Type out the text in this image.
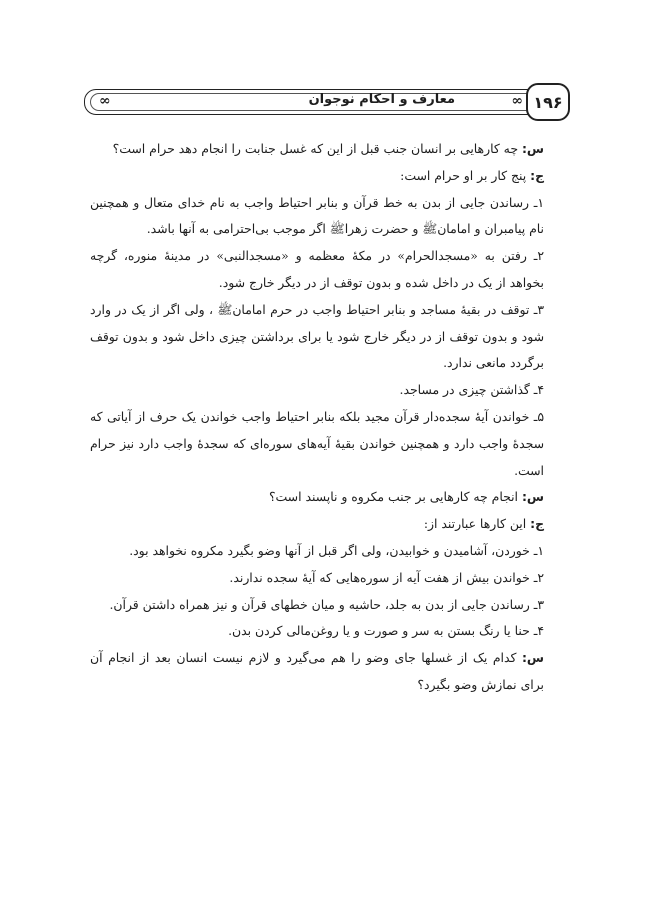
۱۹۶
∞
معارف و احکام نوجوان
∞

س: چه کارهایی بر انسان جنب قبل از این که غسل جنابت را انجام دهد حرام است؟

ج: پنج کار بر او حرام است:

۱ـ رساندن جایی از بدن به خط قرآن و بنابر احتیاط واجب به نام خدای متعال و همچنین نام پیامبران و امامانﷺ و حضرت زهراﷺ اگر موجب بی‌احترامی به آنها باشد.

۲ـ رفتن به «مسجدالحرام» در مکهٔ معظمه و «مسجدالنبی» در مدینهٔ منوره، گرچه بخواهد از یک در داخل شده و بدون توقف از در دیگر خارج شود.

۳ـ توقف در بقیهٔ مساجد و بنابر احتیاط واجب در حرم امامانﷺ ، ولی اگر از یک در وارد شود و بدون توقف از در دیگر خارج شود یا برای برداشتن چیزی داخل شود و بدون توقف برگردد مانعی ندارد.

۴ـ گذاشتن چیزی در مساجد.

۵ـ خواندن آیهٔ سجده‌دار قرآن مجید بلکه بنابر احتیاط واجب خواندن یک حرف از آیاتی که سجدهٔ واجب دارد و همچنین خواندن بقیهٔ آیه‌های سوره‌ای که سجدهٔ واجب دارد نیز حرام است.

س: انجام چه کارهایی بر جنب مکروه و ناپسند است؟

ج: این کارها عبارتند از:

۱ـ خوردن، آشامیدن و خوابیدن، ولی اگر قبل از آنها وضو بگیرد مکروه نخواهد بود.

۲ـ خواندن بیش از هفت آیه از سوره‌هایی که آیهٔ سجده ندارند.

۳ـ رساندن جایی از بدن به جلد، حاشیه و میان خطهای قرآن و نیز همراه داشتن قرآن.

۴ـ حنا یا رنگ بستن به سر و صورت و یا روغن‌مالی کردن بدن.

س: کدام یک از غسلها جای وضو را هم می‌گیرد و لازم نیست انسان بعد از انجام آن برای نمازش وضو بگیرد؟
